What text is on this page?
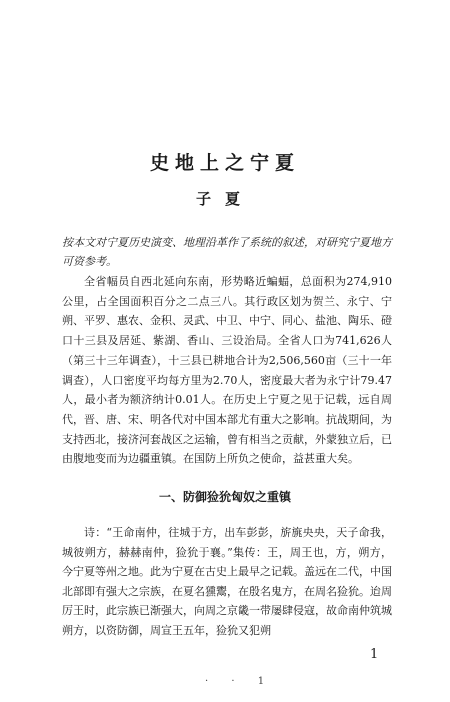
史地上之宁夏
子夏
按本文对宁夏历史演变、地理沿革作了系统的叙述，对研究宁夏地方可资参考。

全省幅员自西北延向东南，形势略近蝙蝠，总面积为274,910公里，占全国面积百分之二点三八。其行政区划为贺兰、永宁、宁朔、平罗、惠农、金积、灵武、中卫、中宁、同心、盐池、陶乐、磴口十三县及居延、紫湖、香山、三设治局。全省人口为741,626人（第三十三年调查），十三县已耕地合计为2,506,560亩（三十一年调查），人口密度平均每方里为2.70人，密度最大者为永宁计79.47人，最小者为额济纳计0.01人。在历史上宁夏之见于记载，远自周代，晋、唐、宋、明各代对中国本部尤有重大之影响。抗战期间，为支持西北，接济河套战区之运输，曾有相当之贡献，外蒙独立后，已由腹地变而为边疆重镇。在国防上所负之使命，益甚重大矣。

一、防御猃狁匈奴之重镇

诗：“王命南仲，往城于方，出车彭彭，旂旐央央，天子命我，城彼朔方，赫赫南仲，猃狁于襄。”集传：王，周王也，方，朔方，今宁夏等州之地。此为宁夏在古史上最早之记载。盖远在二代，中国北部即有强大之宗族，在夏名獯鬻，在殷名鬼方，在周名猃狁。迨周厉王时，此宗族已渐强大，向周之京畿一带屡肆侵寇，故命南仲筑城朔方，以资防御，周宣王五年，猃狁又犯朔

1
· · 1
